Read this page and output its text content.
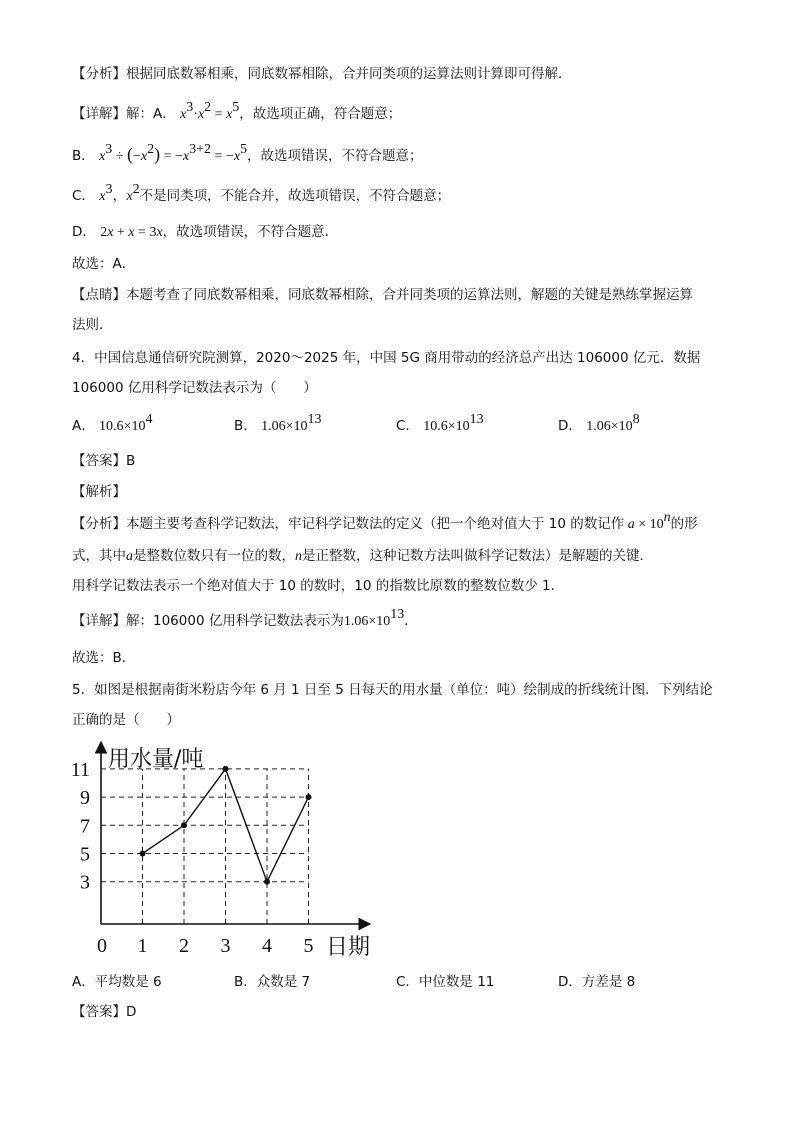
【分析】根据同底数幂相乘，同底数幂相除，合并同类项的运算法则计算即可得解．
【详解】解：A． $x^3\cdot x^2 = x^5$，故选项正确，符合题意；
B． $x^3 \div (-x^2) = -x^{3+2} = -x^5$，故选项错误，不符合题意；
C． $x^3$，$x^2$不是同类项，不能合并，故选项错误，不符合题意；
D． 2x + x = 3x，故选项错误，不符合题意．
故选：A．
【点睛】本题考查了同底数幂相乘，同底数幂相除，合并同类项的运算法则，解题的关键是熟练掌握运算
法则．
4．中国信息通信研究院测算，2020～2025 年，中国 5G 商用带动的经济总产出达 106000 亿元．数据
106000 亿用科学记数法表示为（　　）
A． $10.6\times 10^4$	B． $1.06\times 10^{13}$	C． $10.6\times 10^{13}$	D． $1.06\times 10^8$
【答案】B
【解析】
【分析】本题主要考查科学记数法，牢记科学记数法的定义（把一个绝对值大于 10 的数记作 $a \times 10^n$的形
式，其中a是整数位数只有一位的数，n是正整数，这种记数方法叫做科学记数法）是解题的关键．
用科学记数法表示一个绝对值大于 10 的数时，10 的指数比原数的整数位数少 1．
【详解】解：106000 亿用科学记数法表示为$1.06\times 10^{13}$．
故选：B．
5．如图是根据南街米粉店今年 6 月 1 日至 5 日每天的用水量（单位：吨）绘制成的折线统计图．下列结论
正确的是（　　）
用水量/吨
日期
0
3
5
7
9
11
1 2 3 4 5
A．平均数是 6	B．众数是 7	C．中位数是 11	D．方差是 8
【答案】D
